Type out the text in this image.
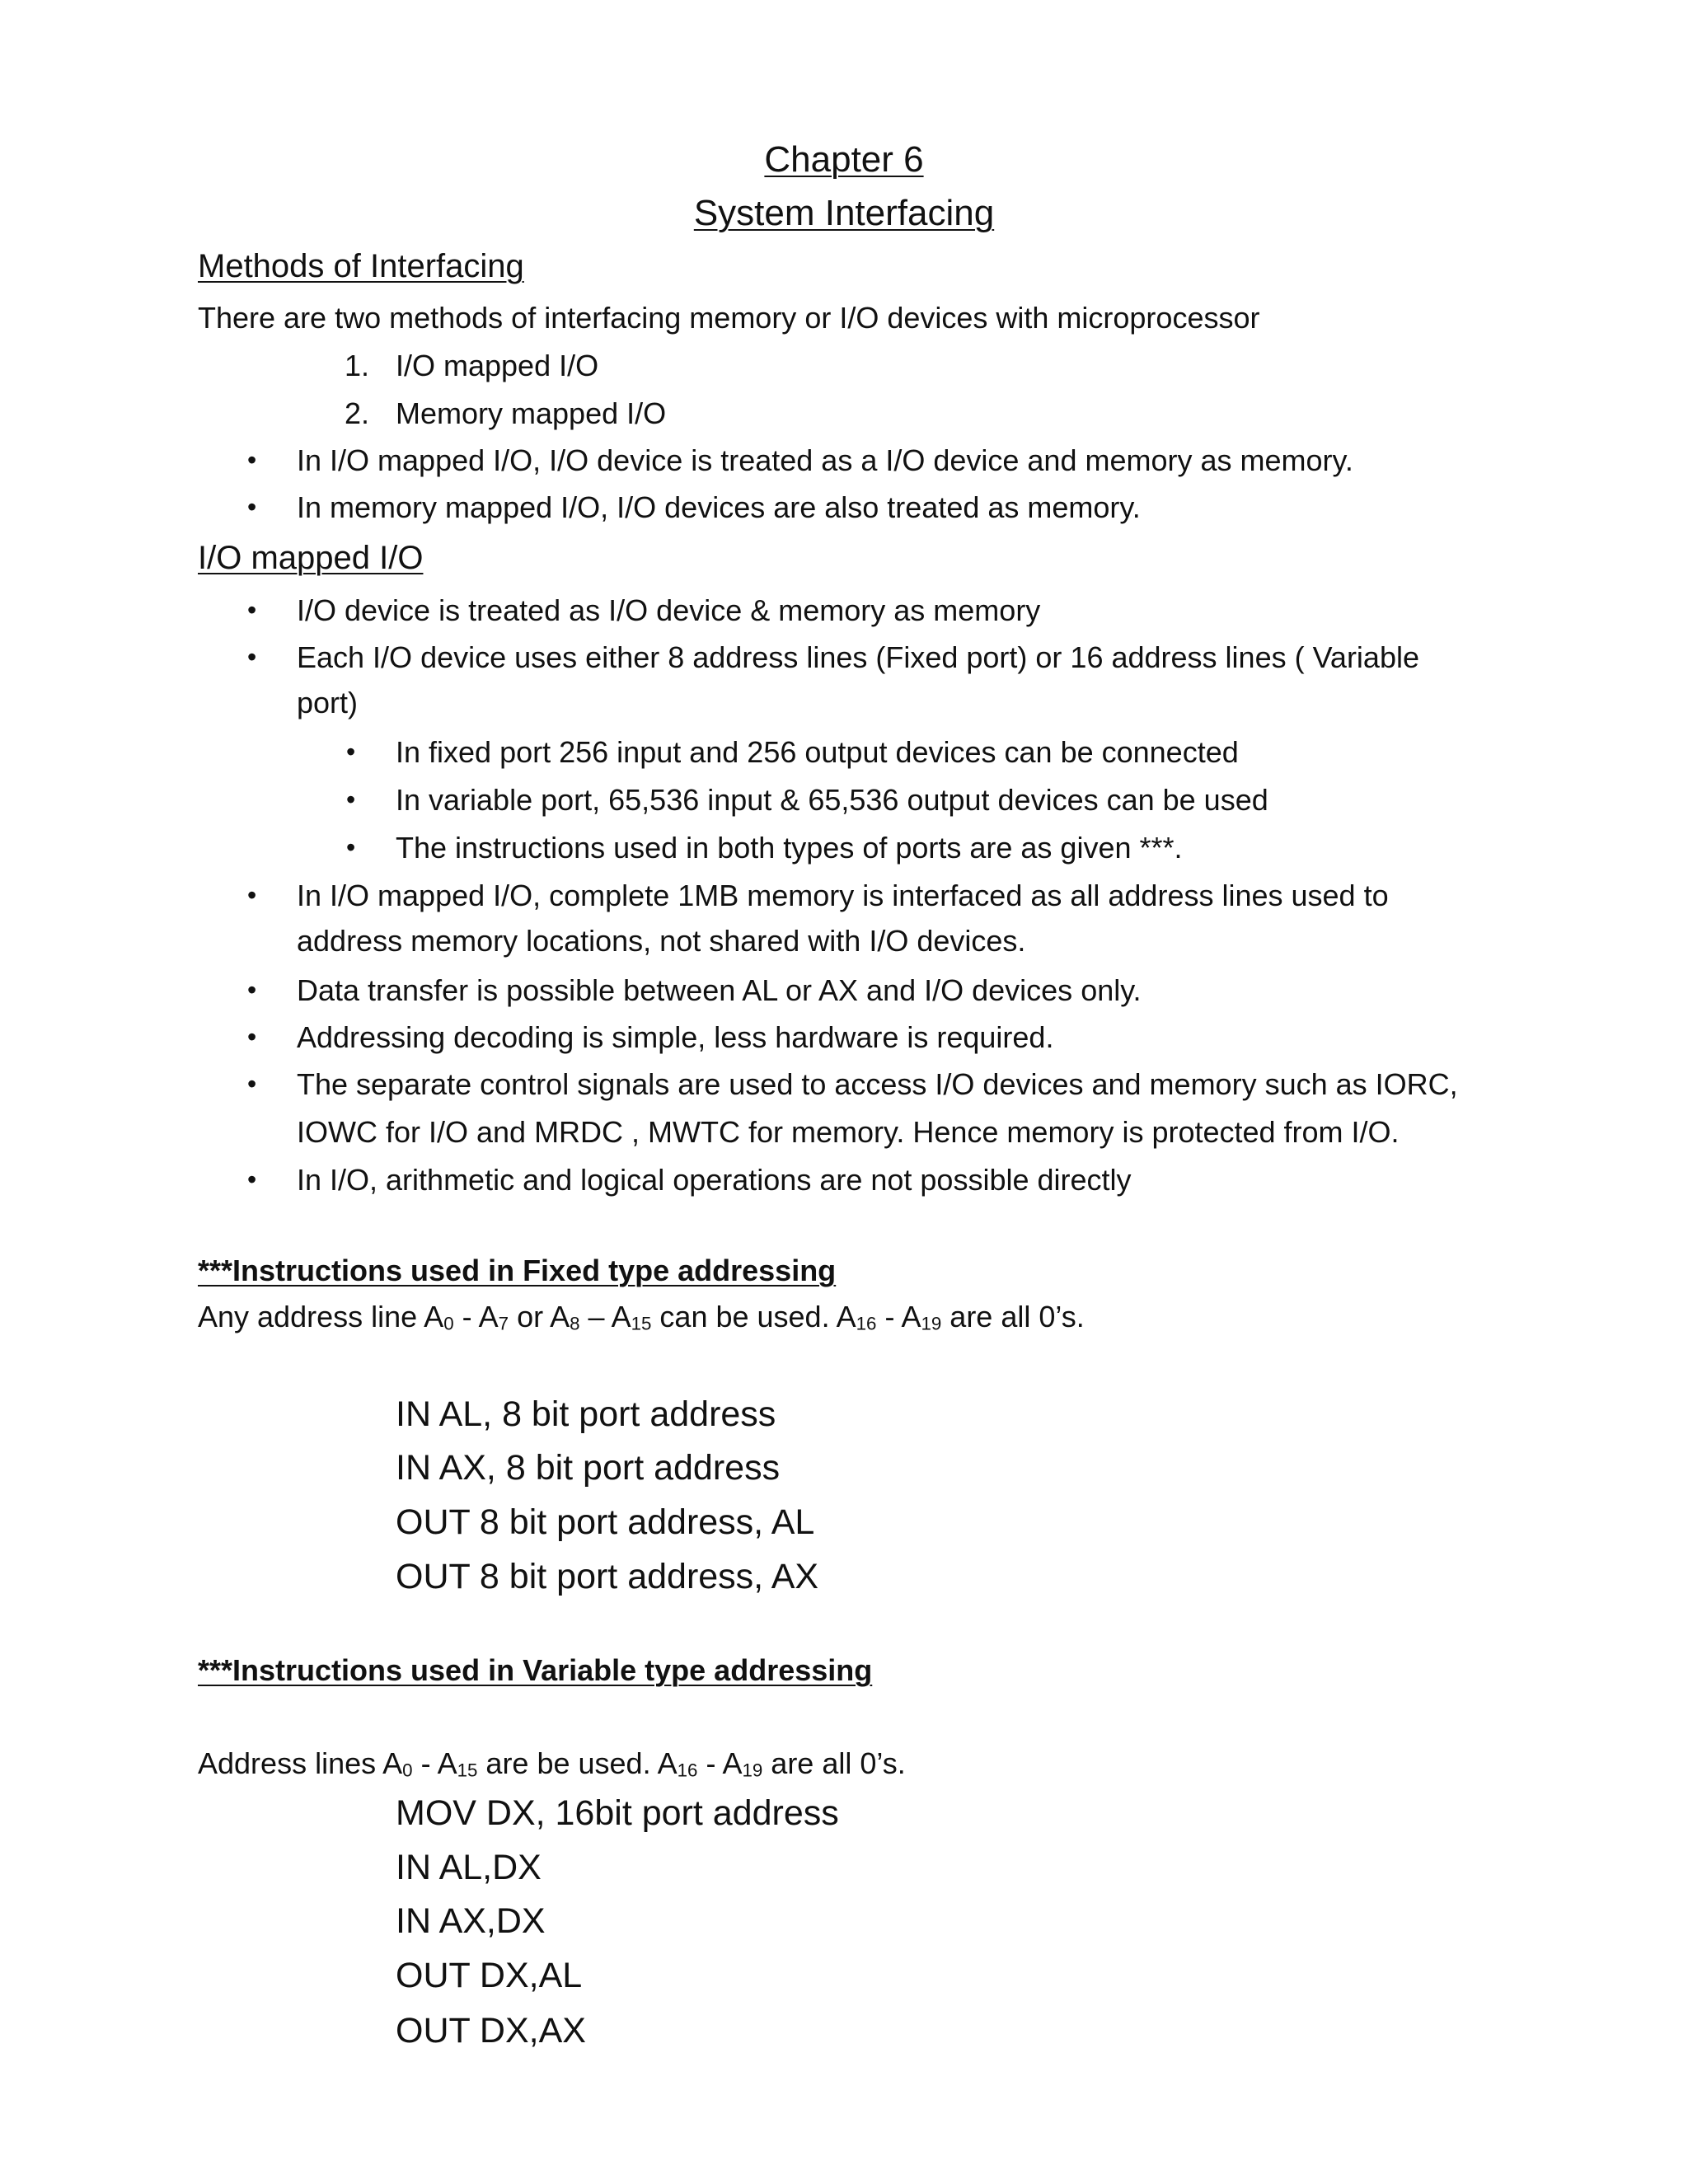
Chapter 6
System Interfacing
Methods of Interfacing
There are two methods of interfacing memory or I/O devices with microprocessor
1. I/O mapped I/O
2. Memory mapped I/O
• In I/O mapped I/O, I/O device is treated as a I/O device and memory as memory.
• In memory mapped I/O, I/O devices are also treated as memory.
I/O mapped I/O
• I/O device is treated as I/O device & memory as memory
• Each I/O device uses either 8 address lines (Fixed port) or 16 address lines ( Variable
port)
• In fixed port 256 input and 256 output devices can be connected
• In variable port, 65,536 input & 65,536 output devices can be used
• The instructions used in both types of ports are as given ***.
• In I/O mapped I/O, complete 1MB memory is interfaced as all address lines used to
address memory locations, not shared with I/O devices.
• Data transfer is possible between AL or AX and I/O devices only.
• Addressing decoding is simple, less hardware is required.
• The separate control signals are used to access I/O devices and memory such as IORC,
IOWC for I/O and MRDC , MWTC for memory. Hence memory is protected from I/O.
• In I/O, arithmetic and logical operations are not possible directly
***Instructions used in Fixed type addressing
Any address line $A_0 - A_7$ or $A_8 - A_{15}$ can be used. $A_{16} - A_{19}$ are all 0’s.
IN AL, 8 bit port address
IN AX, 8 bit port address
OUT 8 bit port address, AL
OUT 8 bit port address, AX
***Instructions used in Variable type addressing
Address lines $A_0 - A_{15}$ are be used. $A_{16} - A_{19}$ are all 0’s.
MOV DX, 16bit port address
IN AL,DX
IN AX,DX
OUT DX,AL
OUT DX,AX
